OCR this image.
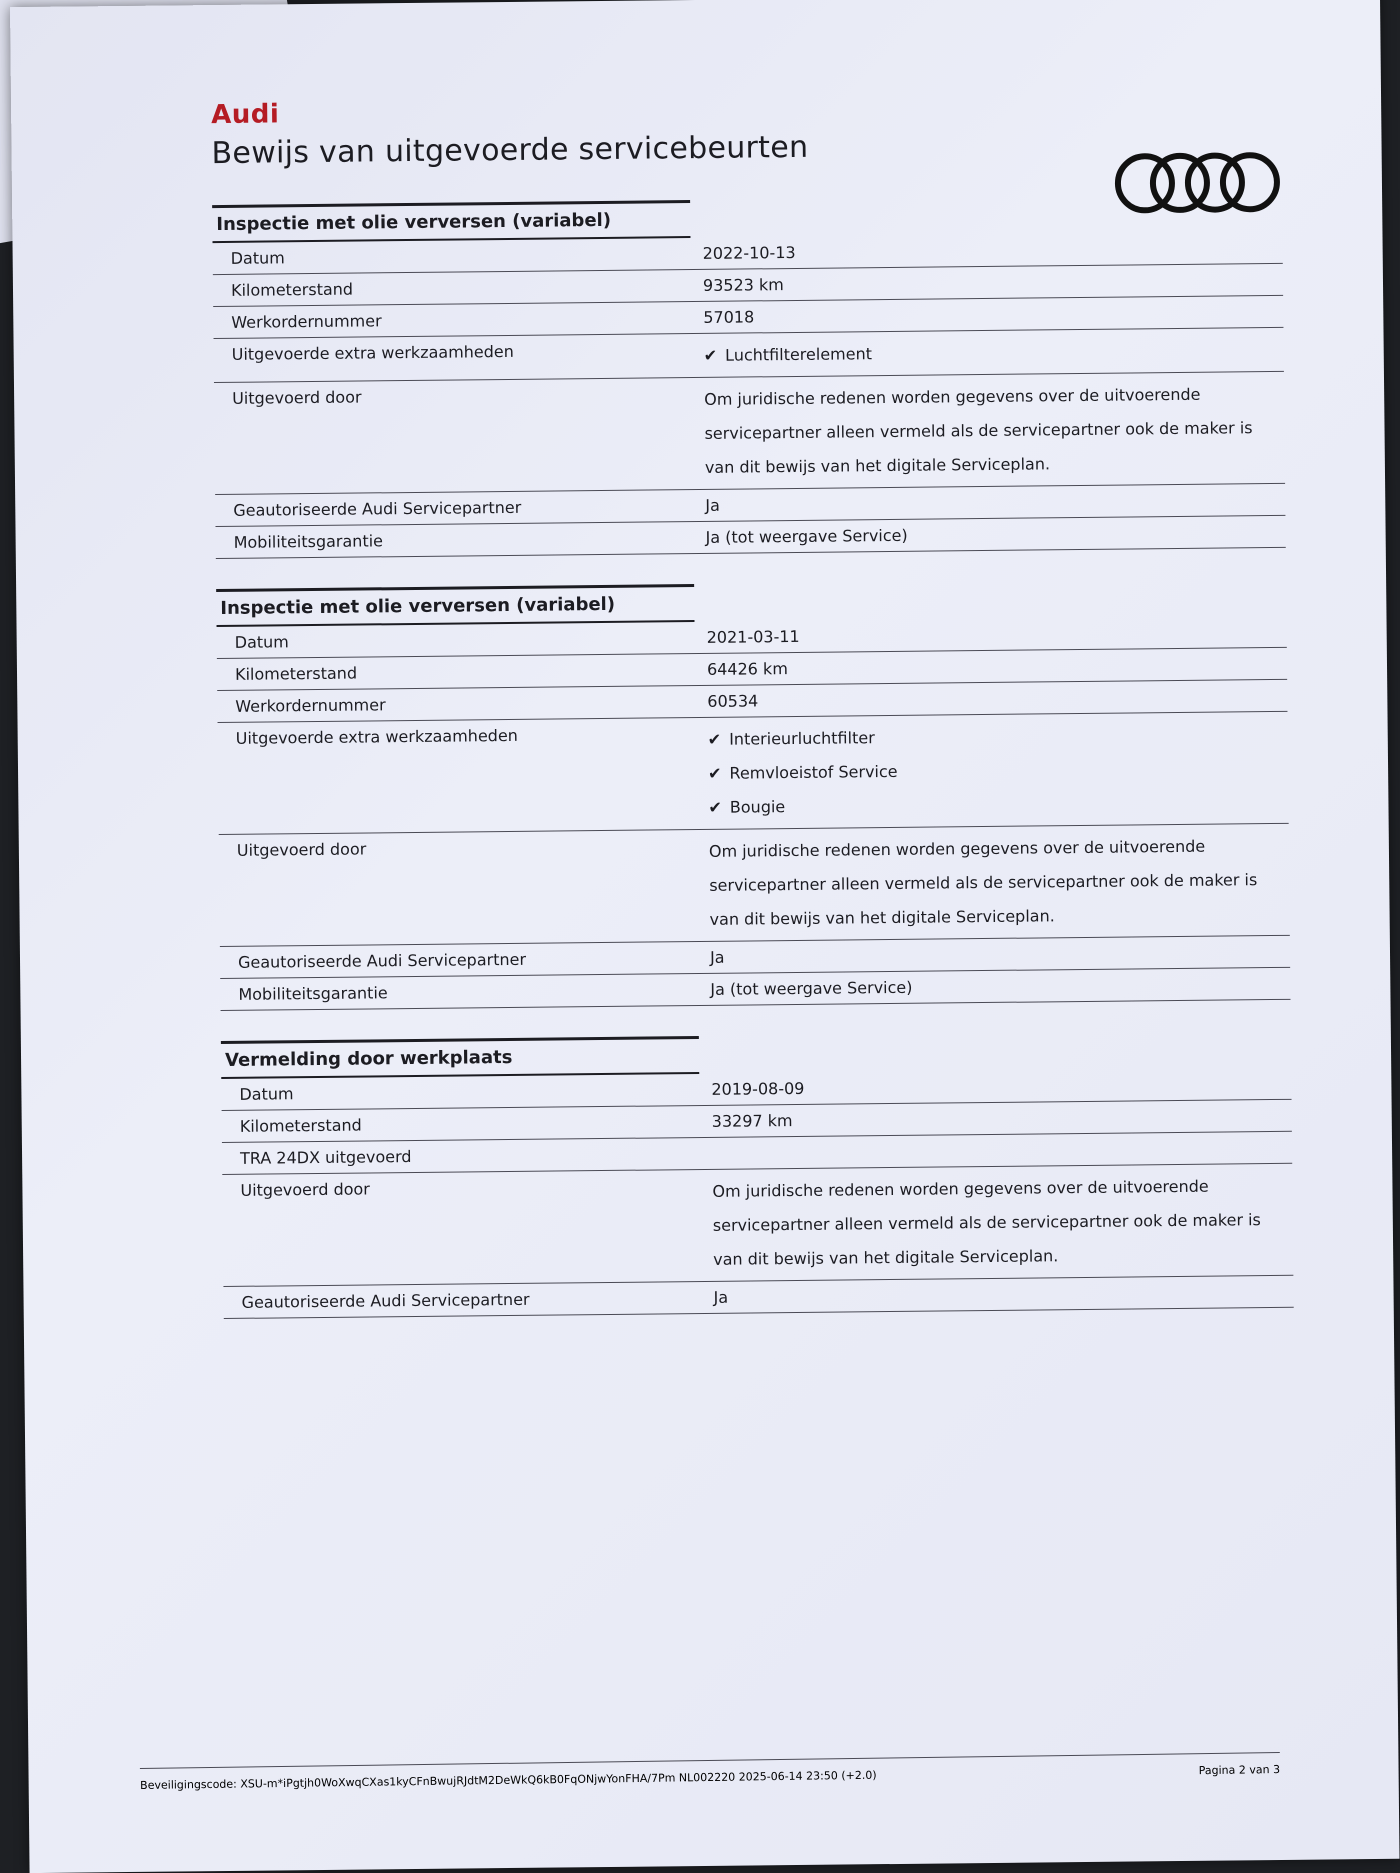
Audi
Bewijs van uitgevoerde servicebeurten
Inspectie met olie verversen (variabel)
Datum	2022-10-13
Kilometerstand	93523 km
Werkordernummer	57018
Uitgevoerde extra werkzaamheden	✔ Luchtfilterelement
Uitgevoerd door	Om juridische redenen worden gegevens over de uitvoerende servicepartner alleen vermeld als de servicepartner ook de maker is van dit bewijs van het digitale Serviceplan.
Geautoriseerde Audi Servicepartner	Ja
Mobiliteitsgarantie	Ja (tot weergave Service)
Inspectie met olie verversen (variabel)
Datum	2021-03-11
Kilometerstand	64426 km
Werkordernummer	60534
Uitgevoerde extra werkzaamheden	✔ Interieurluchtfilter
✔ Remvloeistof Service
✔ Bougie
Uitgevoerd door	Om juridische redenen worden gegevens over de uitvoerende servicepartner alleen vermeld als de servicepartner ook de maker is van dit bewijs van het digitale Serviceplan.
Geautoriseerde Audi Servicepartner	Ja
Mobiliteitsgarantie	Ja (tot weergave Service)
Vermelding door werkplaats
Datum	2019-08-09
Kilometerstand	33297 km
TRA 24DX uitgevoerd
Uitgevoerd door	Om juridische redenen worden gegevens over de uitvoerende servicepartner alleen vermeld als de servicepartner ook de maker is van dit bewijs van het digitale Serviceplan.
Geautoriseerde Audi Servicepartner	Ja
Beveiligingscode: XSU-m*iPgtjh0WoXwqCXas1kyCFnBwujRJdtM2DeWkQ6kB0FqONjwYonFHA/7Pm NL002220 2025-06-14 23:50 (+2.0)	Pagina 2 van 3
